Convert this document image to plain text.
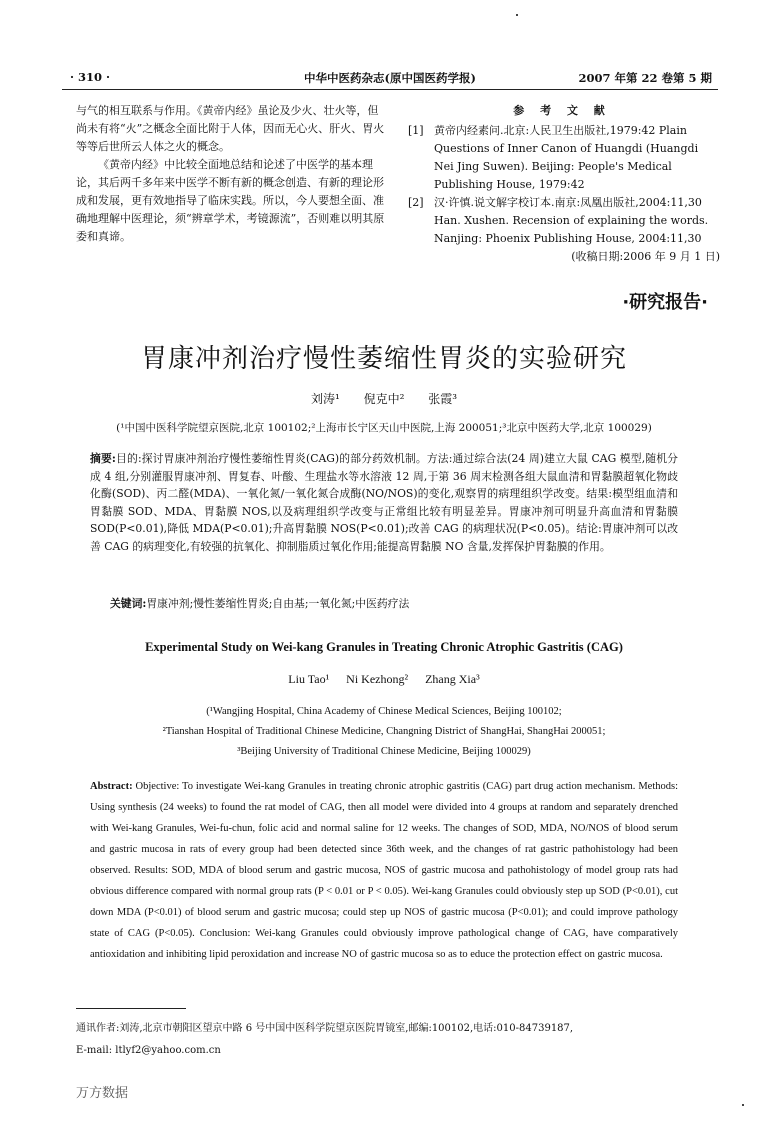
· 310 ·	中华中医药杂志(原中国医药学报)	2007 年第 22 卷第 5 期

与气的相互联系与作用。《黄帝内经》虽论及少火、壮火等，但尚未有将“火”之概念全面比附于人体，因而无心火、肝火、胃火等等后世所云人体之火的概念。

《黄帝内经》中比较全面地总结和论述了中医学的基本理论，其后两千多年来中医学不断有新的概念创造、有新的理论形成和发展，更有效地指导了临床实践。所以，今人要想全面、准确地理解中医理论，须“辨章学术，考镜源流”，否则难以明其原委和真谛。

参 考 文 献
[1] 黄帝内经素问.北京:人民卫生出版社,1979:42 Plain Questions of Inner Canon of Huangdi (Huangdi Nei Jing Suwen). Beijing: People's Medical Publishing House, 1979:42
[2] 汉·许慎.说文解字校订本.南京:凤凰出版社,2004:11,30 Han. Xushen. Recension of explaining the words. Nanjing: Phoenix Publishing House, 2004:11,30
(收稿日期:2006 年 9 月 1 日)
·研究报告·
胃康冲剂治疗慢性萎缩性胃炎的实验研究
刘涛¹ 倪克中² 张霞³
(¹中国中医科学院望京医院,北京 100102;²上海市长宁区天山中医院,上海 200051;³北京中医药大学,北京 100029)
摘要:目的:探讨胃康冲剂治疗慢性萎缩性胃炎(CAG)的部分药效机制。方法:通过综合法(24 周)建立大鼠 CAG 模型,随机分成 4 组,分别灌服胃康冲剂、胃复春、叶酸、生理盐水等水溶液 12 周,于第 36 周末检测各组大鼠血清和胃黏膜超氧化物歧化酶(SOD)、丙二醛(MDA)、一氧化氮/一氧化氮合成酶(NO/NOS)的变化,观察胃的病理组织学改变。结果:模型组血清和胃黏膜 SOD、MDA、胃黏膜 NOS,以及病理组织学改变与正常组比较有明显差异。胃康冲剂可明显升高血清和胃黏膜 SOD(P<0.01),降低 MDA(P<0.01);升高胃黏膜 NOS(P<0.01);改善 CAG 的病理状况(P<0.05)。结论:胃康冲剂可以改善 CAG 的病理变化,有较强的抗氧化、抑制脂质过氧化作用;能提高胃黏膜 NO 含量,发挥保护胃黏膜的作用。
关键词:胃康冲剂;慢性萎缩性胃炎;自由基;一氧化氮;中医药疗法
Experimental Study on Wei-kang Granules in Treating Chronic Atrophic Gastritis (CAG)
Liu Tao¹ Ni Kezhong² Zhang Xia³
(¹Wangjing Hospital, China Academy of Chinese Medical Sciences, Beijing 100102;
²Tianshan Hospital of Traditional Chinese Medicine, Changning District of ShangHai, ShangHai 200051;
³Beijing University of Traditional Chinese Medicine, Beijing 100029)
Abstract: Objective: To investigate Wei-kang Granules in treating chronic atrophic gastritis (CAG) part drug action mechanism. Methods: Using synthesis (24 weeks) to found the rat model of CAG, then all model were divided into 4 groups at random and separately drenched with Wei-kang Granules, Wei-fu-chun, folic acid and normal saline for 12 weeks. The changes of SOD, MDA, NO/NOS of blood serum and gastric mucosa in rats of every group had been detected since 36th week, and the changes of rat gastric pathohistology had been observed. Results: SOD, MDA of blood serum and gastric mucosa, NOS of gastric mucosa and pathohistology of model group rats had obvious difference compared with normal group rats (P < 0.01 or P < 0.05). Wei-kang Granules could obviously step up SOD (P<0.01), cut down MDA (P<0.01) of blood serum and gastric mucosa; could step up NOS of gastric mucosa (P<0.01); and could improve pathology state of CAG (P<0.05). Conclusion: Wei-kang Granules could obviously improve pathological change of CAG, have comparatively antioxidation and inhibiting lipid peroxidation and increase NO of gastric mucosa so as to educe the protection effect on gastric mucosa.
通讯作者:刘涛,北京市朝阳区望京中路 6 号中国中医科学院望京医院胃镜室,邮编:100102,电话:010-84739187,
E-mail: ltlyf2@yahoo.com.cn
万方数据
